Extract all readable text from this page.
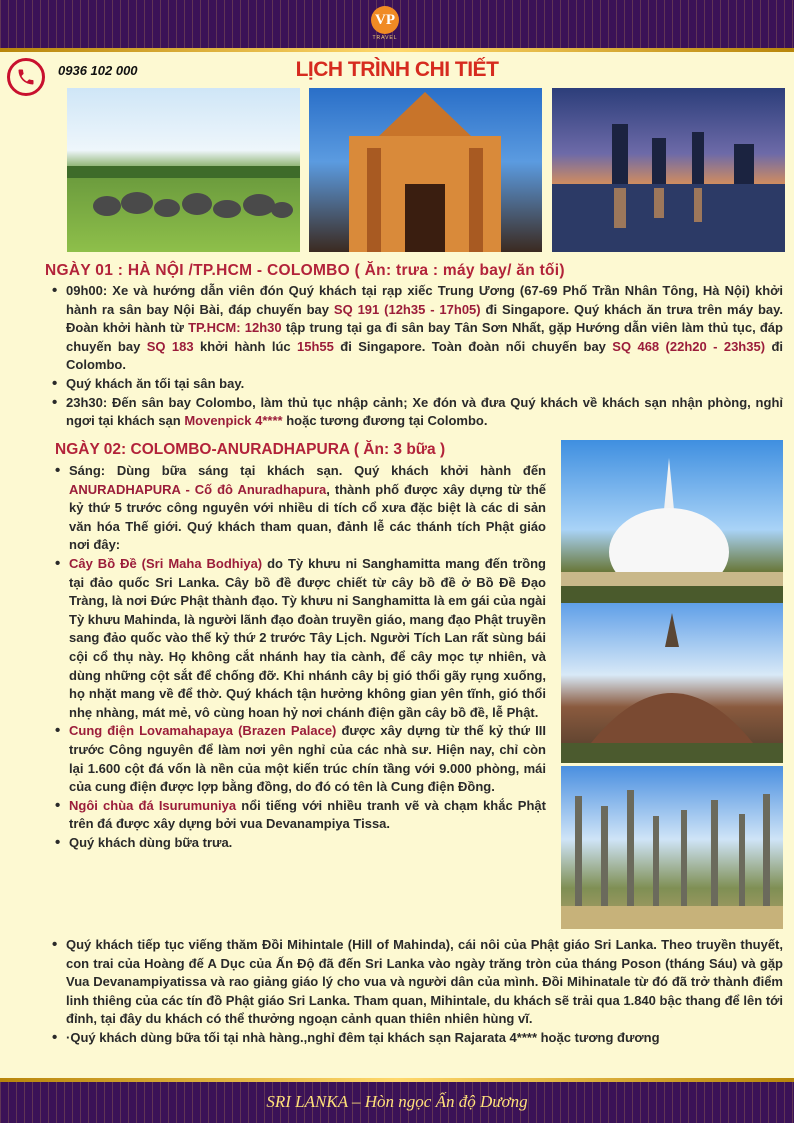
VP
TRAVEL
0936 102 000	LỊCH TRÌNH CHI TIẾT
NGÀY 01 : HÀ NỘI /TP.HCM - COLOMBO ( Ăn: trưa : máy bay/ ăn tối)
• 09h00: Xe và hướng dẫn viên đón Quý khách tại rạp xiếc Trung Ương (67-69 Phố Trần Nhân Tông, Hà Nội) khởi hành ra sân bay Nội Bài, đáp chuyến bay SQ 191 (12h35 - 17h05) đi Singapore. Quý khách ăn trưa trên máy bay. Đoàn khởi hành từ TP.HCM: 12h30 tập trung tại ga đi sân bay Tân Sơn Nhất, gặp Hướng dẫn viên làm thủ tục, đáp chuyến bay SQ 183 khởi hành lúc 15h55 đi Singapore. Toàn đoàn nối chuyến bay SQ 468 (22h20 - 23h35) đi Colombo.
• Quý khách ăn tối tại sân bay.
• 23h30: Đến sân bay Colombo, làm thủ tục nhập cảnh; Xe đón và đưa Quý khách về khách sạn nhận phòng, nghỉ ngơi tại khách sạn Movenpick 4**** hoặc tương đương tại Colombo.
NGÀY 02: COLOMBO-ANURADHAPURA ( Ăn: 3 bữa )
• Sáng: Dùng bữa sáng tại khách sạn. Quý khách khởi hành đến ANURADHAPURA - Cố đô Anuradhapura, thành phố được xây dựng từ thế kỷ thứ 5 trước công nguyên với nhiều di tích cổ xưa đặc biệt là các di sản văn hóa Thế giới. Quý khách tham quan, đảnh lễ các thánh tích Phật giáo nơi đây:
• Cây Bồ Đề (Sri Maha Bodhiya) do Tỳ khưu ni Sanghamitta mang đến trồng tại đảo quốc Sri Lanka. Cây bồ đề được chiết từ cây bồ đề ở Bồ Đề Đạo Tràng, là nơi Đức Phật thành đạo. Tỳ khưu ni Sanghamitta là em gái của ngài Tỳ khưu Mahinda, là người lãnh đạo đoàn truyền giáo, mang đạo Phật truyền sang đảo quốc vào thế kỷ thứ 2 trước Tây Lịch. Người Tích Lan rất sùng bái cội cổ thụ này. Họ không cắt nhánh hay tỉa cành, để cây mọc tự nhiên, và dùng những cột sắt để chống đỡ. Khi nhánh cây bị gió thổi gãy rụng xuống, họ nhặt mang về để thờ. Quý khách tận hưởng không gian yên tĩnh, gió thổi nhẹ nhàng, mát mẻ, vô cùng hoan hỷ nơi chánh điện gần cây bồ đề, lễ Phật.
• Cung điện Lovamahapaya (Brazen Palace) được xây dựng từ thế kỷ thứ III trước Công nguyên để làm nơi yên nghỉ của các nhà sư. Hiện nay, chỉ còn lại 1.600 cột đá vốn là nền của một kiến trúc chín tầng với 9.000 phòng, mái của cung điện được lợp bằng đồng, do đó có tên là Cung điện Đồng.
• Ngôi chùa đá Isurumuniya nổi tiếng với nhiều tranh vẽ và chạm khắc Phật trên đá được xây dựng bởi vua Devanampiya Tissa.
• Quý khách dùng bữa trưa.
• Quý khách tiếp tục viếng thăm Đồi Mihintale (Hill of Mahinda), cái nôi của Phật giáo Sri Lanka. Theo truyền thuyết, con trai của Hoàng đế A Dục của Ấn Độ đã đến Sri Lanka vào ngày trăng tròn của tháng Poson (tháng Sáu) và gặp Vua Devanampiyatissa và rao giảng giáo lý cho vua và người dân của mình. Đồi Mihinatale từ đó đã trở thành điểm linh thiêng của các tín đồ Phật giáo Sri Lanka. Tham quan, Mihintale, du khách sẽ trải qua 1.840 bậc thang để lên tới đỉnh, tại đây du khách có thể thưởng ngoạn cảnh quan thiên nhiên hùng vĩ.
• ·Quý khách dùng bữa tối tại nhà hàng.,nghỉ đêm tại khách sạn Rajarata 4**** hoặc tương đương
SRI LANKA – Hòn ngọc Ấn độ Dương
